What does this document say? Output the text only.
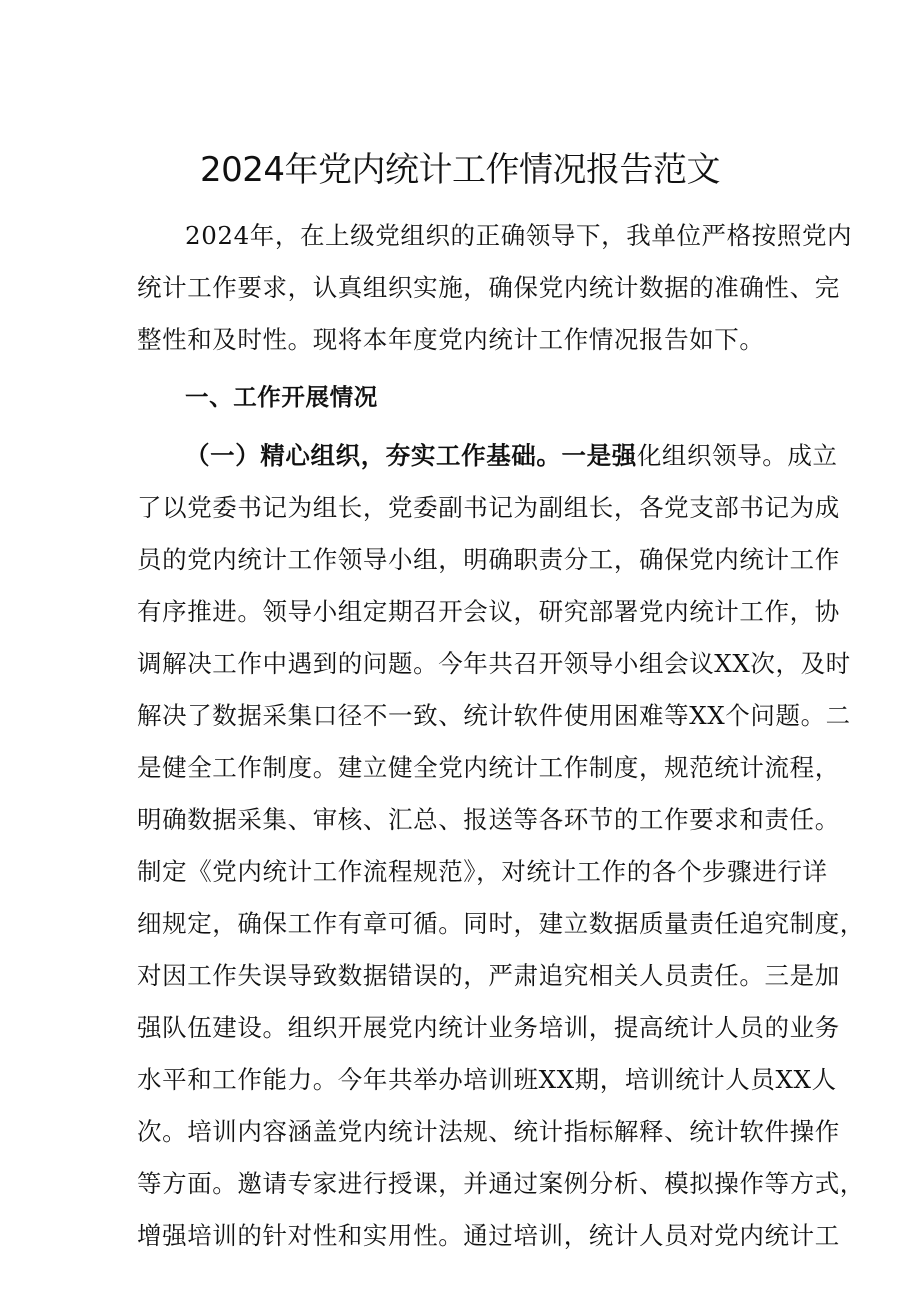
2024年党内统计工作情况报告范文
2024年，在上级党组织的正确领导下，我单位严格按照党内
统计工作要求，认真组织实施，确保党内统计数据的准确性、完
整性和及时性。现将本年度党内统计工作情况报告如下。
一、工作开展情况
（一）精心组织，夯实工作基础。一是强化组织领导。成立
了以党委书记为组长，党委副书记为副组长，各党支部书记为成
员的党内统计工作领导小组，明确职责分工，确保党内统计工作
有序推进。领导小组定期召开会议，研究部署党内统计工作，协
调解决工作中遇到的问题。今年共召开领导小组会议XX次，及时
解决了数据采集口径不一致、统计软件使用困难等XX个问题。二
是健全工作制度。建立健全党内统计工作制度，规范统计流程，
明确数据采集、审核、汇总、报送等各环节的工作要求和责任。
制定《党内统计工作流程规范》，对统计工作的各个步骤进行详
细规定，确保工作有章可循。同时，建立数据质量责任追究制度，
对因工作失误导致数据错误的，严肃追究相关人员责任。三是加
强队伍建设。组织开展党内统计业务培训，提高统计人员的业务
水平和工作能力。今年共举办培训班XX期，培训统计人员XX人
次。培训内容涵盖党内统计法规、统计指标解释、统计软件操作
等方面。邀请专家进行授课，并通过案例分析、模拟操作等方式，
增强培训的针对性和实用性。通过培训，统计人员对党内统计工
